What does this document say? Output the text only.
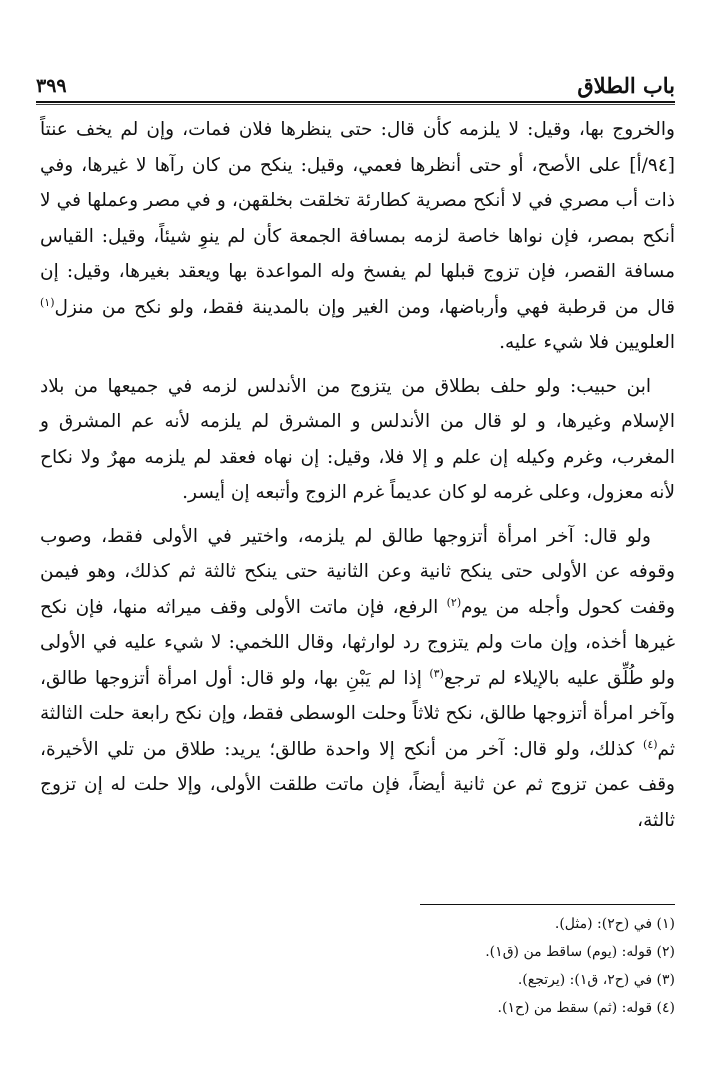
باب الطلاق
٣٩٩

والخروج بها، وقيل: لا يلزمه كأن قال: حتى ينظرها فلان فمات، وإن لم يخف عنتاً [٩٤/أ] على الأصح، أو حتى أنظرها فعمي، وقيل: ينكح من كان رآها لا غيرها، وفي ذات أب مصري في لا أنكح مصرية كطارئة تخلقت بخلقهن، و في مصر وعملها في لا أنكح بمصر، فإن نواها خاصة لزمه بمسافة الجمعة كأن لم ينوِ شيئاً، وقيل: القياس مسافة القصر، فإن تزوج قبلها لم يفسخ وله المواعدة بها ويعقد بغيرها، وقيل: إن قال من قرطبة فهي وأرباضها، ومن الغير وإن بالمدينة فقط، ولو نكح من منزل$^{(١)}$ العلويين فلا شيء عليه.

ابن حبيب: ولو حلف بطلاق من يتزوج من الأندلس لزمه في جميعها من بلاد الإسلام وغيرها، و لو قال من الأندلس و المشرق لم يلزمه لأنه عم المشرق و المغرب، وغرم وكيله إن علم و إلا فلا، وقيل: إن نهاه فعقد لم يلزمه مهرٌ ولا نكاح لأنه معزول، وعلى غرمه لو كان عديماً غرم الزوج وأتبعه إن أيسر.

ولو قال: آخر امرأة أتزوجها طالق لم يلزمه، واختير في الأولى فقط، وصوب وقوفه عن الأولى حتى ينكح ثانية وعن الثانية حتى ينكح ثالثة ثم كذلك، وهو فيمن وقفت كحول وأجله من يوم$^{(٢)}$ الرفع، فإن ماتت الأولى وقف ميراثه منها، فإن نكح غيرها أخذه، وإن مات ولم يتزوج رد لوارثها، وقال اللخمي: لا شيء عليه في الأولى ولو طُلِّق عليه بالإيلاء لم ترجع$^{(٣)}$ إذا لم يَبْنِ بها، ولو قال: أول امرأة أتزوجها طالق، وآخر امرأة أتزوجها طالق، نكح ثلاثاً وحلت الوسطى فقط، وإن نكح رابعة حلت الثالثة ثم$^{(٤)}$ كذلك، ولو قال: آخر من أنكح إلا واحدة طالق؛ يريد: طلاق من تلي الأخيرة، وقف عمن تزوج ثم عن ثانية أيضاً، فإن ماتت طلقت الأولى، وإلا حلت له إن تزوج ثالثة،

(١) في (ح٢): (مثل).
(٢) قوله: (يوم) ساقط من (ق١).
(٣) في (ح٢، ق١): (يرتجع).
(٤) قوله: (ثم) سقط من (ح١).
